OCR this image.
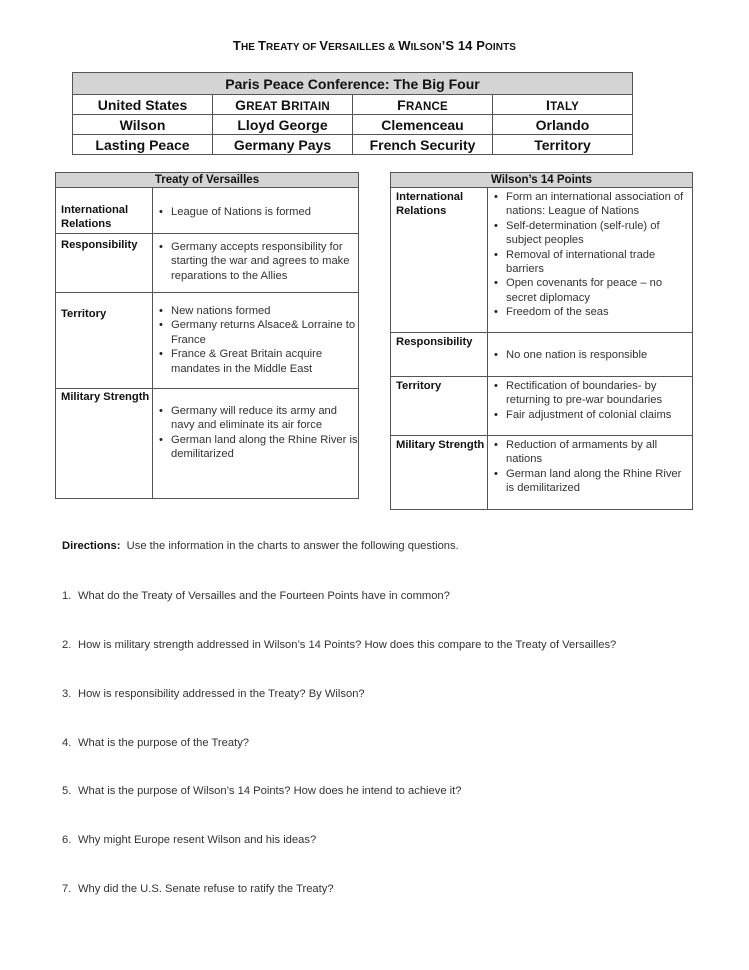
THE TREATY OF VERSAILLES & WILSON’S 14 POINTS
Paris Peace Conference: The Big Four			
United States	GREAT BRITAIN	FRANCE	ITALY
Wilson	Lloyd George	Clemenceau	Orlando
Lasting Peace	Germany Pays	French Security	Territory
Treaty of Versailles	
International Relations	
• League of Nations is formed

Responsibility	
•Germany accepts responsibility for starting the war and agrees to make reparations to the Allies

Territory	
•New nations formed
• Germany returns Alsace& Lorraine to France
• France & Great Britain acquire mandates in the Middle East

Military Strength	
• Germany will reduce its army and navy and eliminate its air force
• German land along the Rhine River is demilitarized
Wilson’s 14 Points	
International Relations	
• Form an international association of nations: League of Nations
• Self-determination (self-rule) of subject peoples
• Removal of international trade barriers
• Open covenants for peace – no secret diplomacy
• Freedom of the seas

Responsibility	
• No one nation is responsible

Territory	
•Rectification of boundaries- by returning to pre-war boundaries
• Fair adjustment of colonial claims

Military Strength	
•Reduction of armaments by all nations
• German land along the Rhine River is demilitarized
Directions: Use the information in the charts to answer the following questions.
1. What do the Treaty of Versailles and the Fourteen Points have in common?
2. How is military strength addressed in Wilson’s 14 Points? How does this compare to the Treaty of Versailles?
3. How is responsibility addressed in the Treaty? By Wilson?
4. What is the purpose of the Treaty?
5. What is the purpose of Wilson’s 14 Points? How does he intend to achieve it?
6. Why might Europe resent Wilson and his ideas?
7. Why did the U.S. Senate refuse to ratify the Treaty?
